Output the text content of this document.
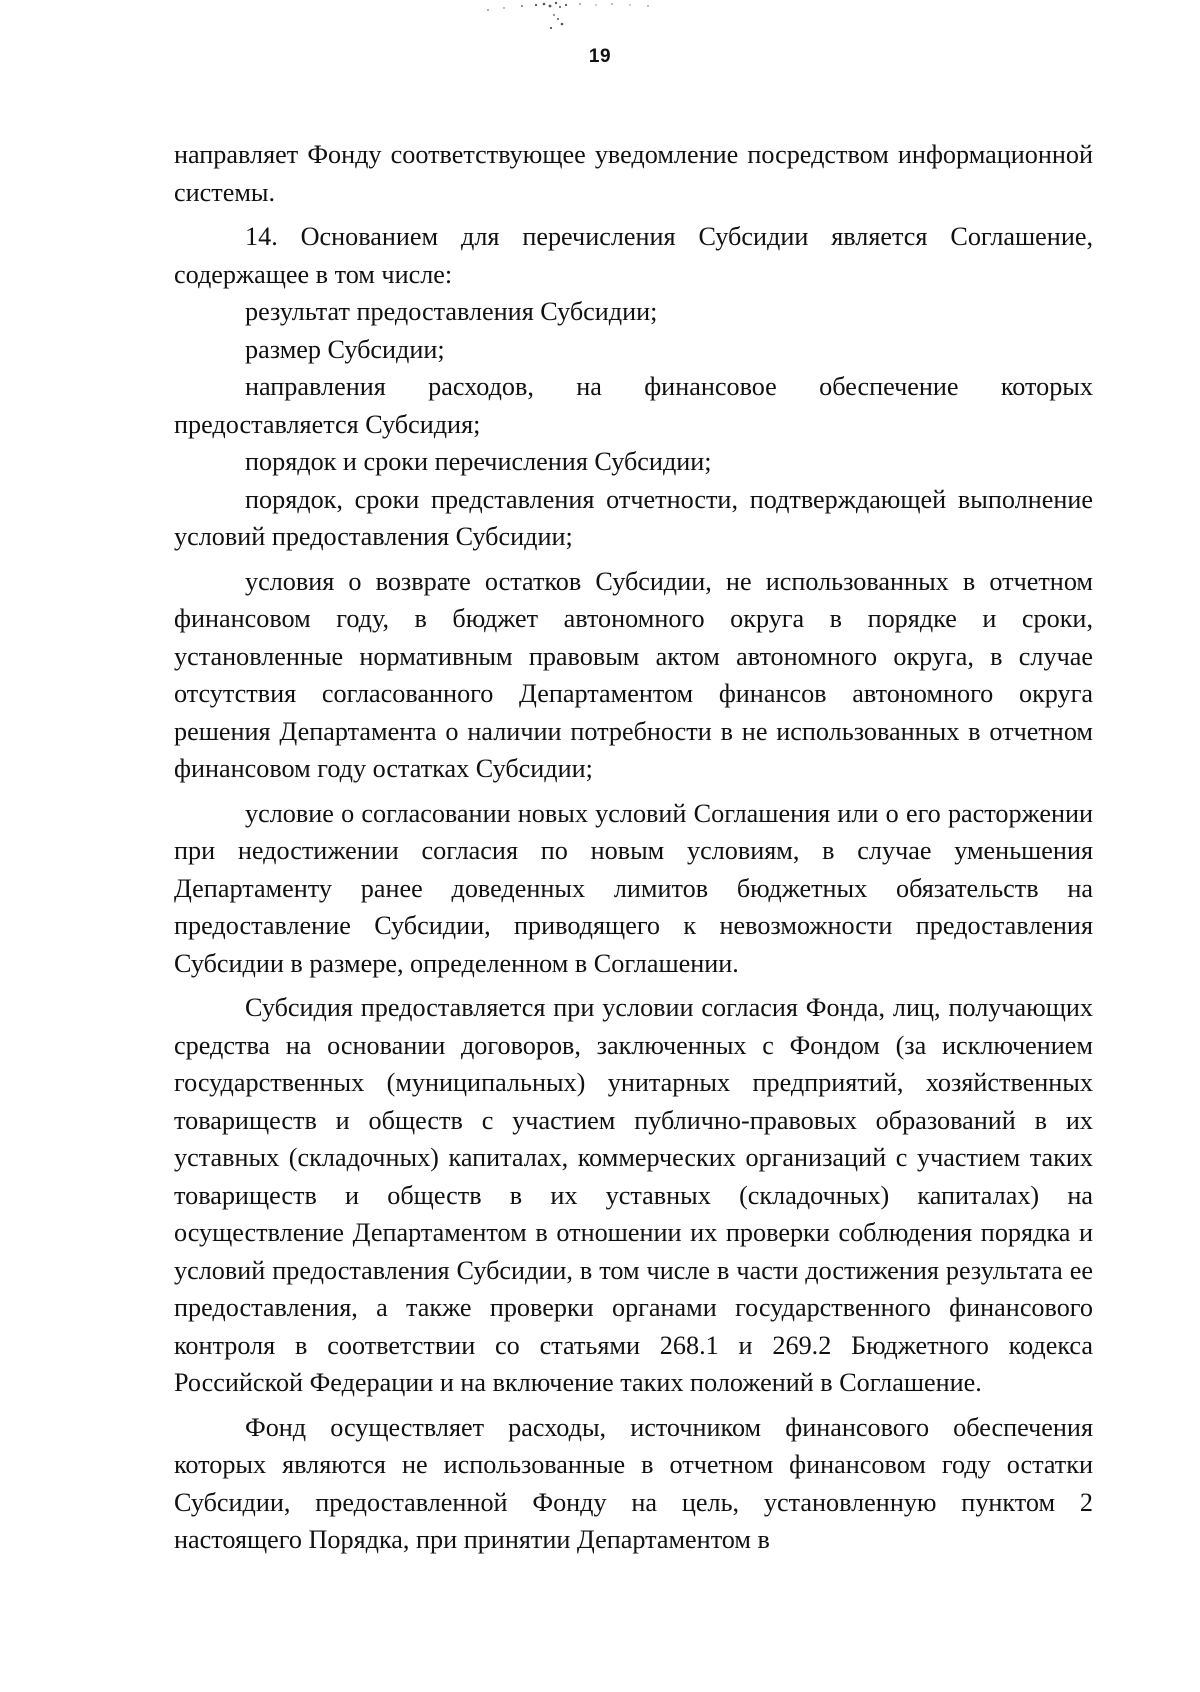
19

направляет Фонду соответствующее уведомление посредством информационной системы.

14. Основанием для перечисления Субсидии является Соглашение, содержащее в том числе:

результат предоставления Субсидии;

размер Субсидии;

направления расходов, на финансовое обеспечение которых предоставляется Субсидия;

порядок и сроки перечисления Субсидии;

порядок, сроки представления отчетности, подтверждающей выполнение условий предоставления Субсидии;

условия о возврате остатков Субсидии, не использованных в отчетном финансовом году, в бюджет автономного округа в порядке и сроки, установленные нормативным правовым актом автономного округа, в случае отсутствия согласованного Департаментом финансов автономного округа решения Департамента о наличии потребности в не использованных в отчетном финансовом году остатках Субсидии;

условие о согласовании новых условий Соглашения или о его расторжении при недостижении согласия по новым условиям, в случае уменьшения Департаменту ранее доведенных лимитов бюджетных обязательств на предоставление Субсидии, приводящего к невозможности предоставления Субсидии в размере, определенном в Соглашении.

Субсидия предоставляется при условии согласия Фонда, лиц, получающих средства на основании договоров, заключенных с Фондом (за исключением государственных (муниципальных) унитарных предприятий, хозяйственных товариществ и обществ с участием публично-правовых образований в их уставных (складочных) капиталах, коммерческих организаций с участием таких товариществ и обществ в их уставных (складочных) капиталах) на осуществление Департаментом в отношении их проверки соблюдения порядка и условий предоставления Субсидии, в том числе в части достижения результата ее предоставления, а также проверки органами государственного финансового контроля в соответствии со статьями 268.1 и 269.2 Бюджетного кодекса Российской Федерации и на включение таких положений в Соглашение.

Фонд осуществляет расходы, источником финансового обеспечения которых являются не использованные в отчетном финансовом году остатки Субсидии, предоставленной Фонду на цель, установленную пунктом 2 настоящего Порядка, при принятии Департаментом в
